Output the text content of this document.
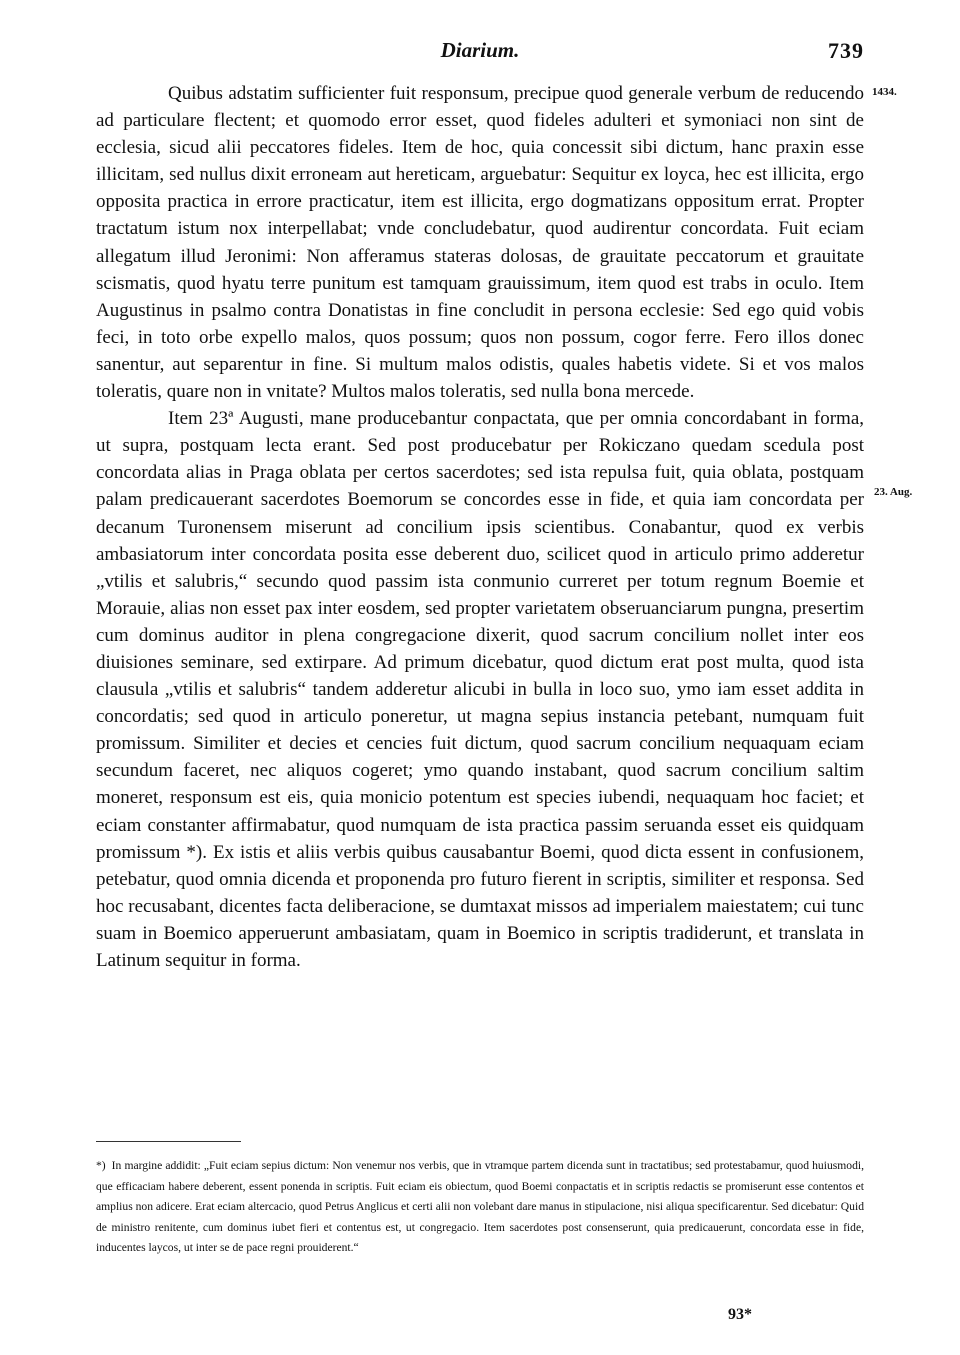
Diarium.	739
1434.
23. Aug.

Quibus adstatim sufficienter fuit responsum, precipue quod generale verbum de reducendo ad particulare flectent; et quomodo error esset, quod fideles adulteri et symoniaci non sint de ecclesia, sicud alii peccatores fideles. Item de hoc, quia concessit sibi dictum, hanc praxin esse illicitam, sed nullus dixit erroneam aut hereticam, arguebatur: Sequitur ex loyca, hec est illicita, ergo opposita practica in errore practicatur, item est illicita, ergo dogmatizans oppositum errat. Propter tractatum istum nox interpellabat; vnde concludebatur, quod audirentur concordata. Fuit eciam allegatum illud Jeronimi: Non afferamus stateras dolosas, de grauitate peccatorum et grauitate scismatis, quod hyatu terre punitum est tamquam grauissimum, item quod est trabs in oculo. Item Augustinus in psalmo contra Donatistas in fine concludit in persona ecclesie: Sed ego quid vobis feci, in toto orbe expello malos, quos possum; quos non possum, cogor ferre. Fero illos donec sanentur, aut separentur in fine. Si multum malos odistis, quales habetis videte. Si et vos malos toleratis, quare non in vnitate? Multos malos toleratis, sed nulla bona mercede.

Item 23ª Augusti, mane producebantur conpactata, que per omnia concordabant in forma, ut supra, postquam lecta erant. Sed post producebatur per Rokiczano quedam scedula post concordata alias in Praga oblata per certos sacerdotes; sed ista repulsa fuit, quia oblata, postquam palam predicauerant sacerdotes Boemorum se concordes esse in fide, et quia iam concordata per decanum Turonensem miserunt ad concilium ipsis scientibus. Conabantur, quod ex verbis ambasiatorum inter concordata posita esse deberent duo, scilicet quod in articulo primo adderetur „vtilis et salubris,“ secundo quod passim ista conmunio curreret per totum regnum Boemie et Morauie, alias non esset pax inter eosdem, sed propter varietatem obseruanciarum pungna, presertim cum dominus auditor in plena congregacione dixerit, quod sacrum concilium nollet inter eos diuisiones seminare, sed extirpare. Ad primum dicebatur, quod dictum erat post multa, quod ista clausula „vtilis et salubris“ tandem adderetur alicubi in bulla in loco suo, ymo iam esset addita in concordatis; sed quod in articulo poneretur, ut magna sepius instancia petebant, numquam fuit promissum. Similiter et decies et cencies fuit dictum, quod sacrum concilium nequaquam eciam secundum faceret, nec aliquos cogeret; ymo quando instabant, quod sacrum concilium saltim moneret, responsum est eis, quia monicio potentum est species iubendi, nequaquam hoc faciet; et eciam constanter affirmabatur, quod numquam de ista practica passim seruanda esset eis quidquam promissum *). Ex istis et aliis verbis quibus causabantur Boemi, quod dicta essent in confusionem, petebatur, quod omnia dicenda et proponenda pro futuro fierent in scriptis, similiter et responsa. Sed hoc recusabant, dicentes facta deliberacione, se dumtaxat missos ad imperialem maiestatem; cui tunc suam in Boemico apperuerunt ambasiatam, quam in Boemico in scriptis tradiderunt, et translata in Latinum sequitur in forma.

*) In margine addidit: „Fuit eciam sepius dictum: Non venemur nos verbis, que in vtramque partem dicenda sunt in tractatibus; sed protestabamur, quod huiusmodi, que efficaciam habere deberent, essent ponenda in scriptis. Fuit eciam eis obiectum, quod Boemi conpactatis et in scriptis redactis se promiserunt esse contentos et amplius non adicere. Erat eciam altercacio, quod Petrus Anglicus et certi alii non volebant dare manus in stipulacione, nisi aliqua specificarentur. Sed dicebatur: Quid de ministro renitente, cum dominus iubet fieri et contentus est, ut congregacio. Item sacerdotes post consenserunt, quia predicauerunt, concordata esse in fide, inducentes laycos, ut inter se de pace regni prouiderent.“
93*
